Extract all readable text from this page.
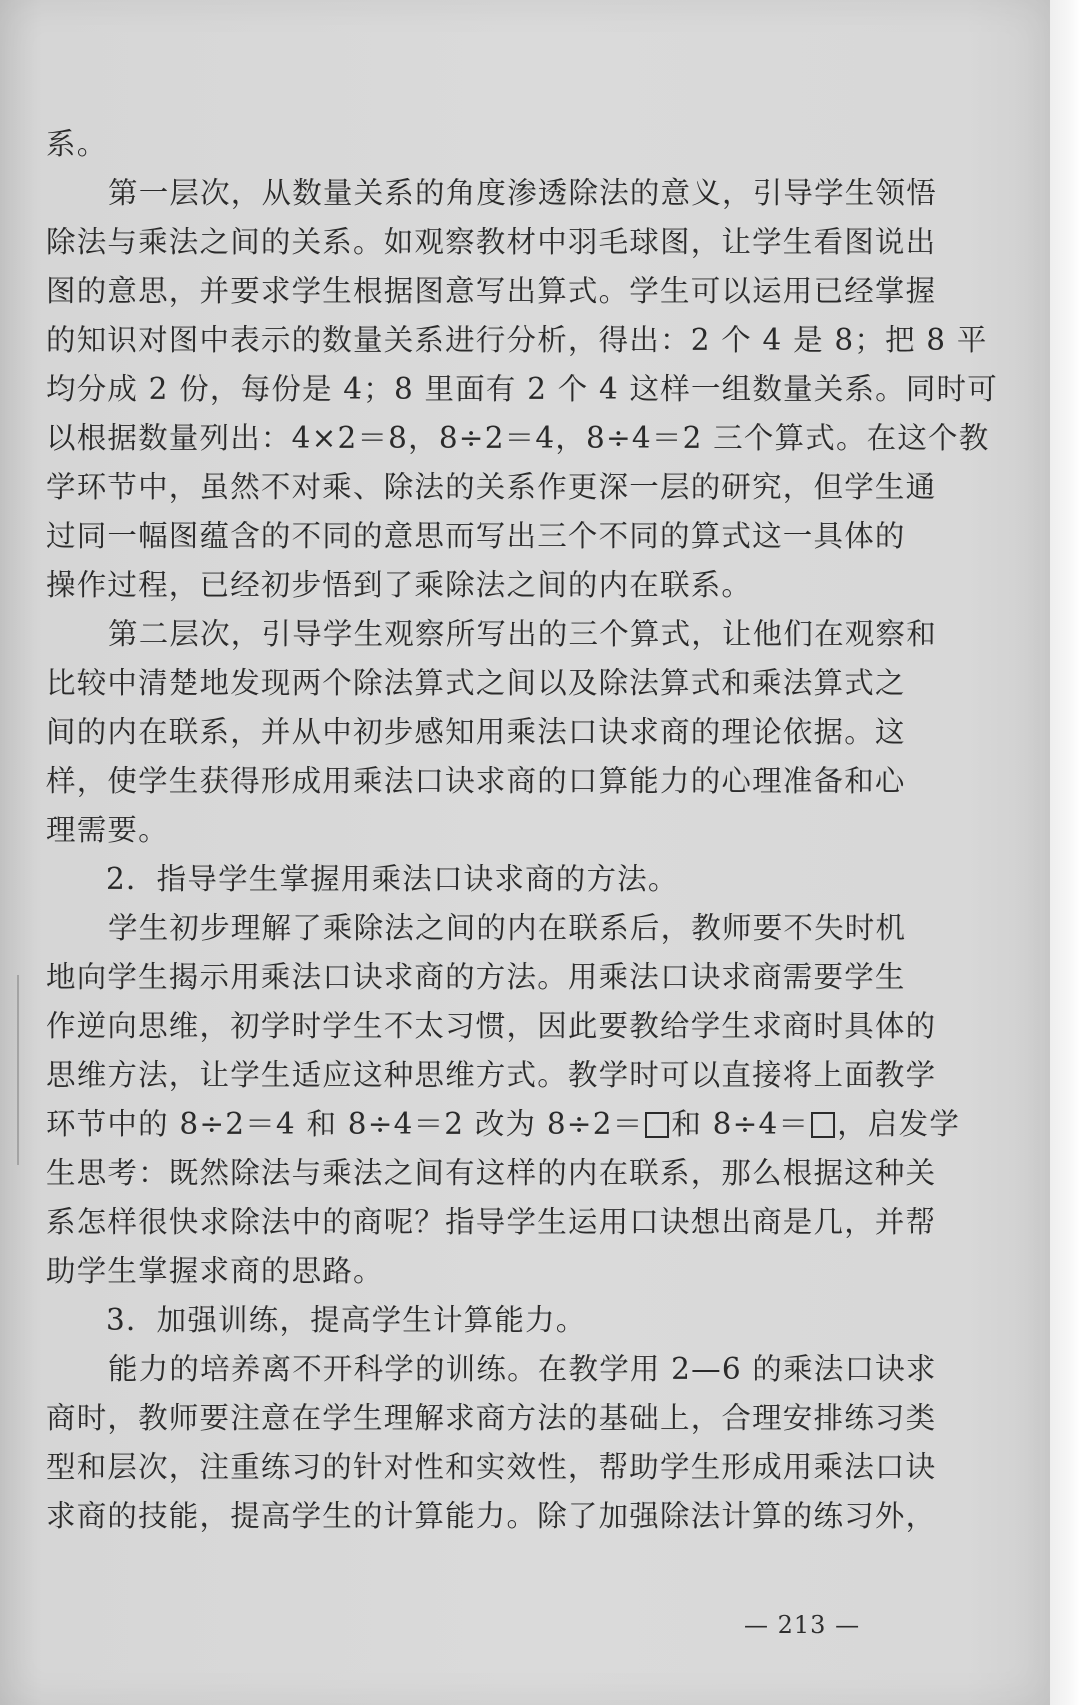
系。
第一层次，从数量关系的角度渗透除法的意义，引导学生领悟
除法与乘法之间的关系。如观察教材中羽毛球图，让学生看图说出
图的意思，并要求学生根据图意写出算式。学生可以运用已经掌握
的知识对图中表示的数量关系进行分析，得出：2 个 4 是 8；把 8 平
均分成 2 份，每份是 4；8 里面有 2 个 4 这样一组数量关系。同时可
以根据数量列出：4×2＝8，8÷2＝4，8÷4＝2 三个算式。在这个教
学环节中，虽然不对乘、除法的关系作更深一层的研究，但学生通
过同一幅图蕴含的不同的意思而写出三个不同的算式这一具体的
操作过程，已经初步悟到了乘除法之间的内在联系。
第二层次，引导学生观察所写出的三个算式，让他们在观察和
比较中清楚地发现两个除法算式之间以及除法算式和乘法算式之
间的内在联系，并从中初步感知用乘法口诀求商的理论依据。这
样，使学生获得形成用乘法口诀求商的口算能力的心理准备和心
理需要。
2．指导学生掌握用乘法口诀求商的方法。
学生初步理解了乘除法之间的内在联系后，教师要不失时机
地向学生揭示用乘法口诀求商的方法。用乘法口诀求商需要学生
作逆向思维，初学时学生不太习惯，因此要教给学生求商时具体的
思维方法，让学生适应这种思维方式。教学时可以直接将上面教学
环节中的 8÷2＝4 和 8÷4＝2 改为 8÷2＝ 和 8÷4＝ ，启发学
生思考：既然除法与乘法之间有这样的内在联系，那么根据这种关
系怎样很快求除法中的商呢？指导学生运用口诀想出商是几，并帮
助学生掌握求商的思路。
3．加强训练，提高学生计算能力。
能力的培养离不开科学的训练。在教学用 2—6 的乘法口诀求
商时，教师要注意在学生理解求商方法的基础上，合理安排练习类
型和层次，注重练习的针对性和实效性，帮助学生形成用乘法口诀
求商的技能，提高学生的计算能力。除了加强除法计算的练习外，
— 213 —
